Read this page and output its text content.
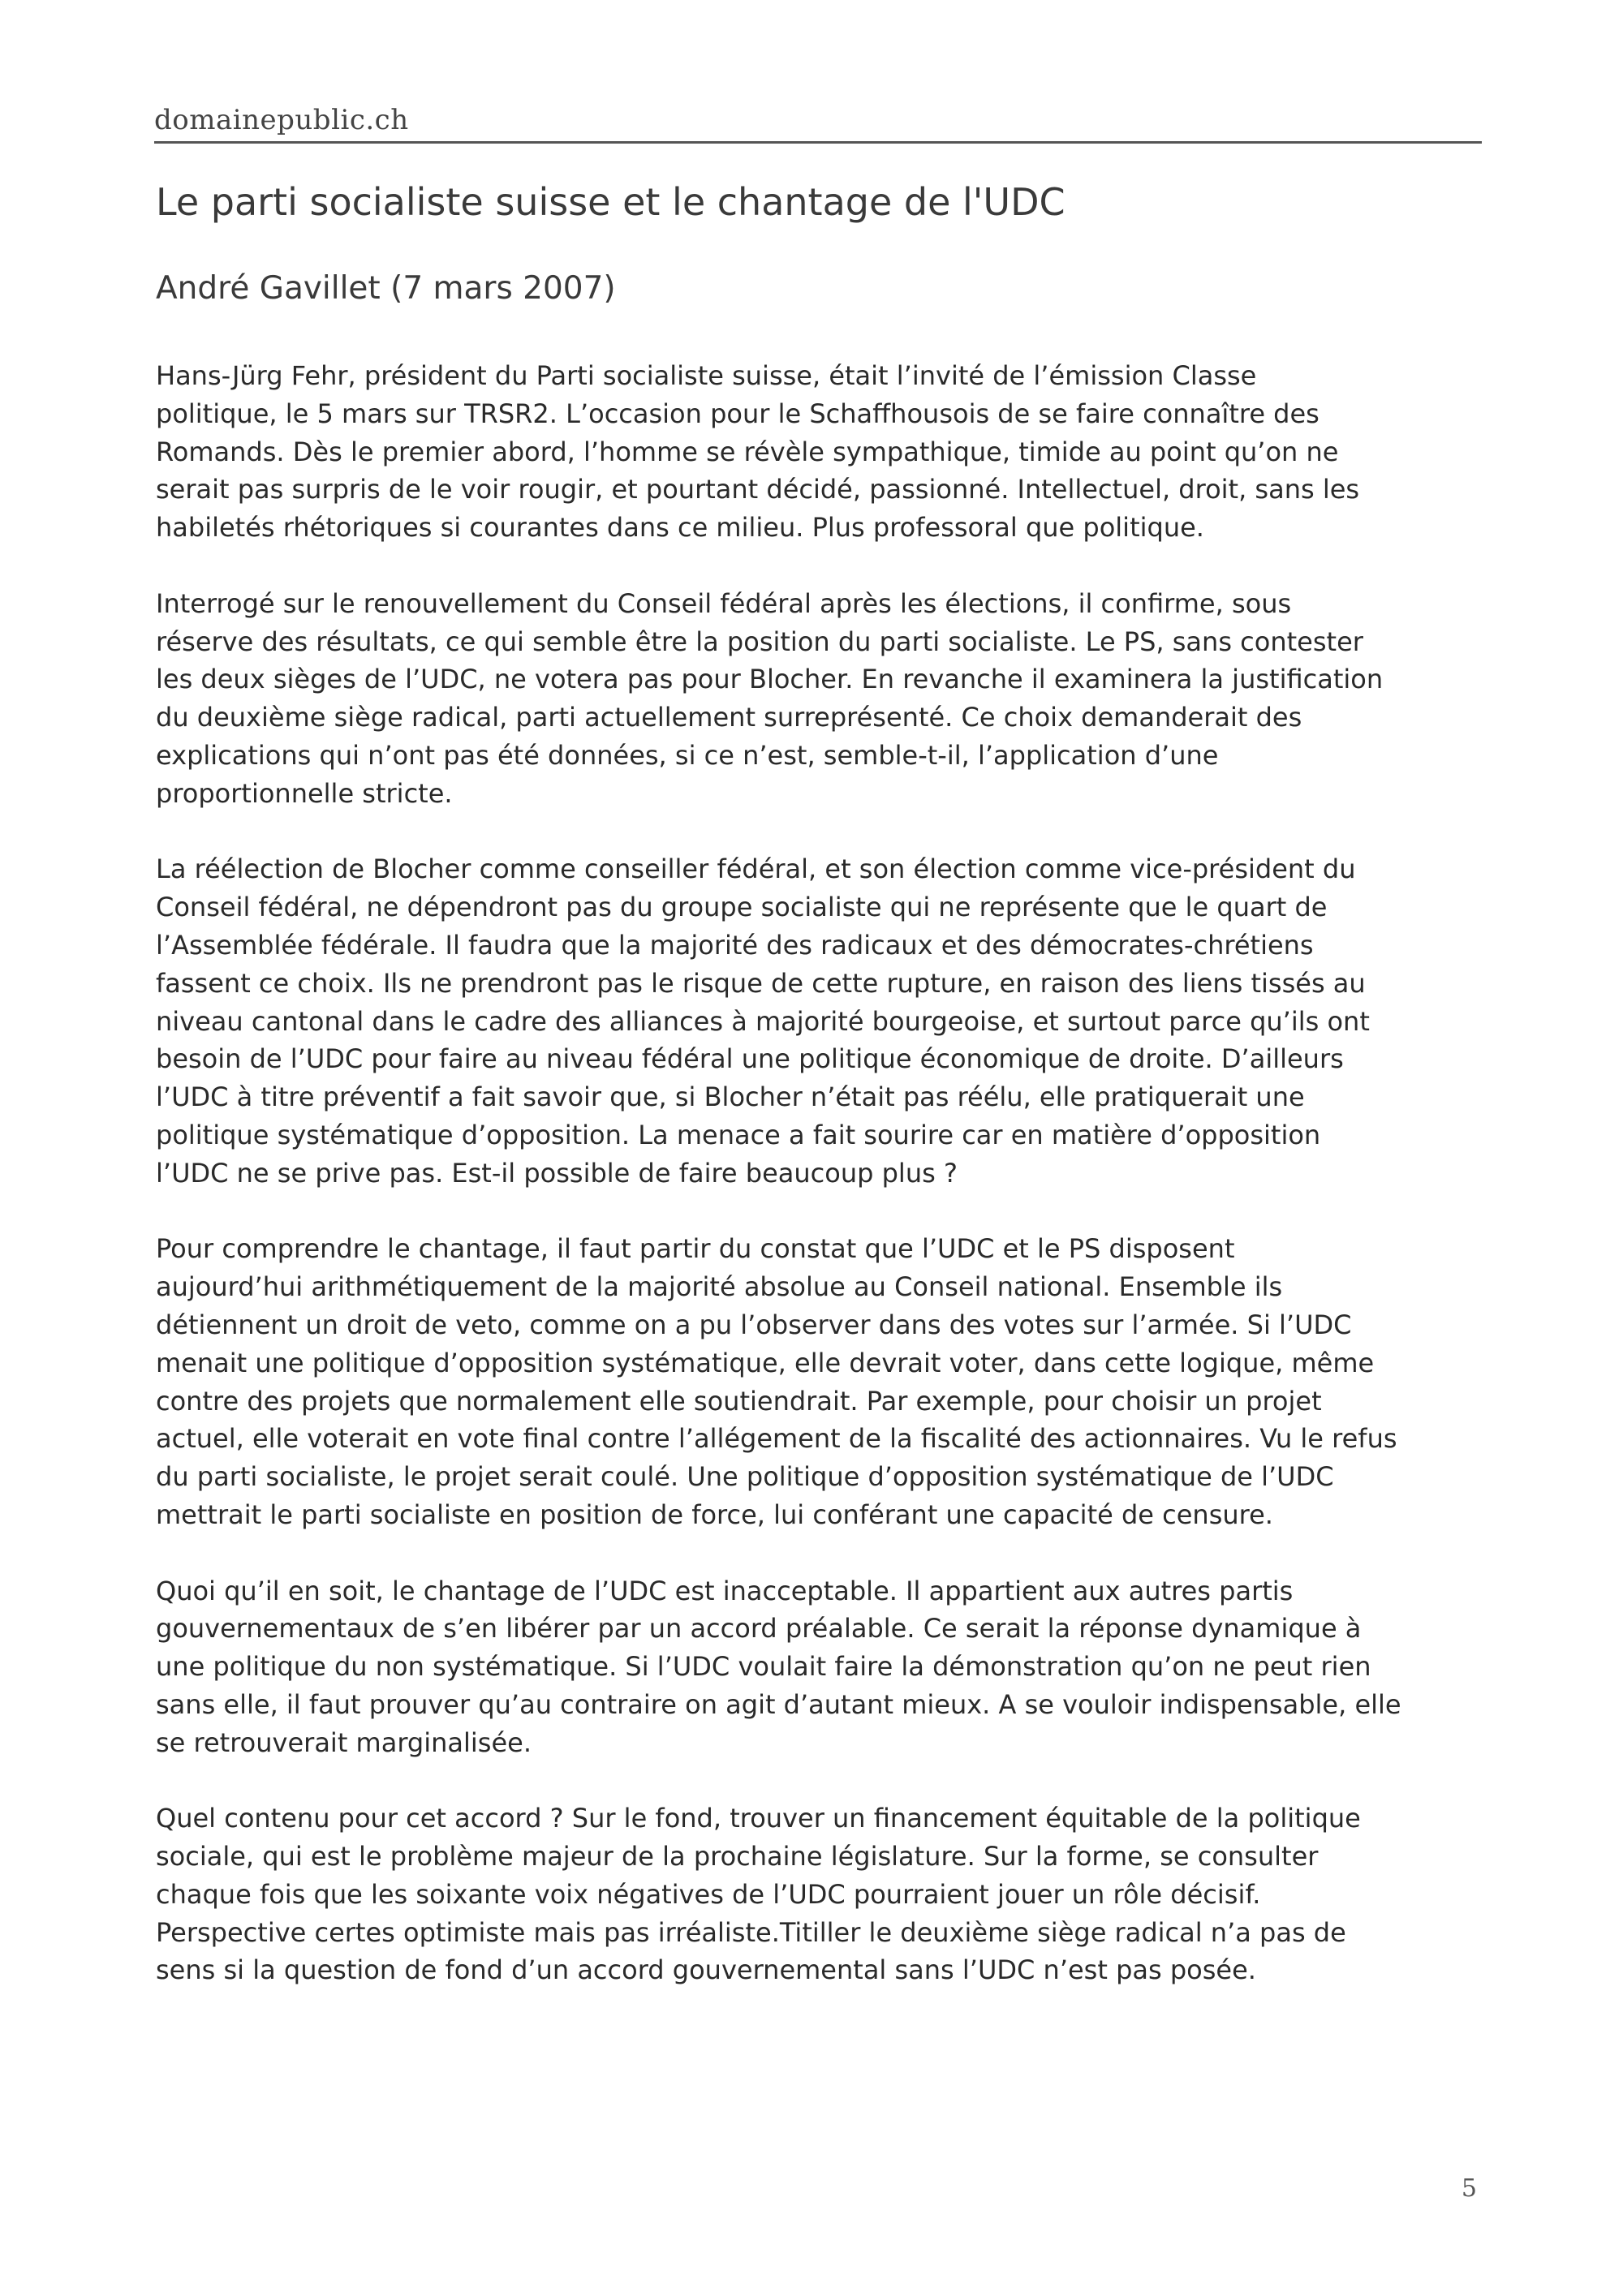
domainepublic.ch
Le parti socialiste suisse et le chantage de l'UDC
André Gavillet (7 mars 2007)

Hans-Jürg Fehr, président du Parti socialiste suisse, était l’invité de l’émission Classe
politique, le 5 mars sur TRSR2. L’occasion pour le Schaffhousois de se faire connaître des
Romands. Dès le premier abord, l’homme se révèle sympathique, timide au point qu’on ne
serait pas surpris de le voir rougir, et pourtant décidé, passionné. Intellectuel, droit, sans les
habiletés rhétoriques si courantes dans ce milieu. Plus professoral que politique.

Interrogé sur le renouvellement du Conseil fédéral après les élections, il confirme, sous
réserve des résultats, ce qui semble être la position du parti socialiste. Le PS, sans contester
les deux sièges de l’UDC, ne votera pas pour Blocher. En revanche il examinera la justification
du deuxième siège radical, parti actuellement surreprésenté. Ce choix demanderait des
explications qui n’ont pas été données, si ce n’est, semble-t-il, l’application d’une
proportionnelle stricte.

La réélection de Blocher comme conseiller fédéral, et son élection comme vice-président du
Conseil fédéral, ne dépendront pas du groupe socialiste qui ne représente que le quart de
l’Assemblée fédérale. Il faudra que la majorité des radicaux et des démocrates-chrétiens
fassent ce choix. Ils ne prendront pas le risque de cette rupture, en raison des liens tissés au
niveau cantonal dans le cadre des alliances à majorité bourgeoise, et surtout parce qu’ils ont
besoin de l’UDC pour faire au niveau fédéral une politique économique de droite. D’ailleurs
l’UDC à titre préventif a fait savoir que, si Blocher n’était pas réélu, elle pratiquerait une
politique systématique d’opposition. La menace a fait sourire car en matière d’opposition
l’UDC ne se prive pas. Est-il possible de faire beaucoup plus ?

Pour comprendre le chantage, il faut partir du constat que l’UDC et le PS disposent
aujourd’hui arithmétiquement de la majorité absolue au Conseil national. Ensemble ils
détiennent un droit de veto, comme on a pu l’observer dans des votes sur l’armée. Si l’UDC
menait une politique d’opposition systématique, elle devrait voter, dans cette logique, même
contre des projets que normalement elle soutiendrait. Par exemple, pour choisir un projet
actuel, elle voterait en vote final contre l’allégement de la fiscalité des actionnaires. Vu le refus
du parti socialiste, le projet serait coulé. Une politique d’opposition systématique de l’UDC
mettrait le parti socialiste en position de force, lui conférant une capacité de censure.

Quoi qu’il en soit, le chantage de l’UDC est inacceptable. Il appartient aux autres partis
gouvernementaux de s’en libérer par un accord préalable. Ce serait la réponse dynamique à
une politique du non systématique. Si l’UDC voulait faire la démonstration qu’on ne peut rien
sans elle, il faut prouver qu’au contraire on agit d’autant mieux. A se vouloir indispensable, elle
se retrouverait marginalisée.

Quel contenu pour cet accord ? Sur le fond, trouver un financement équitable de la politique
sociale, qui est le problème majeur de la prochaine législature. Sur la forme, se consulter
chaque fois que les soixante voix négatives de l’UDC pourraient jouer un rôle décisif.
Perspective certes optimiste mais pas irréaliste.Titiller le deuxième siège radical n’a pas de
sens si la question de fond d’un accord gouvernemental sans l’UDC n’est pas posée.

5
